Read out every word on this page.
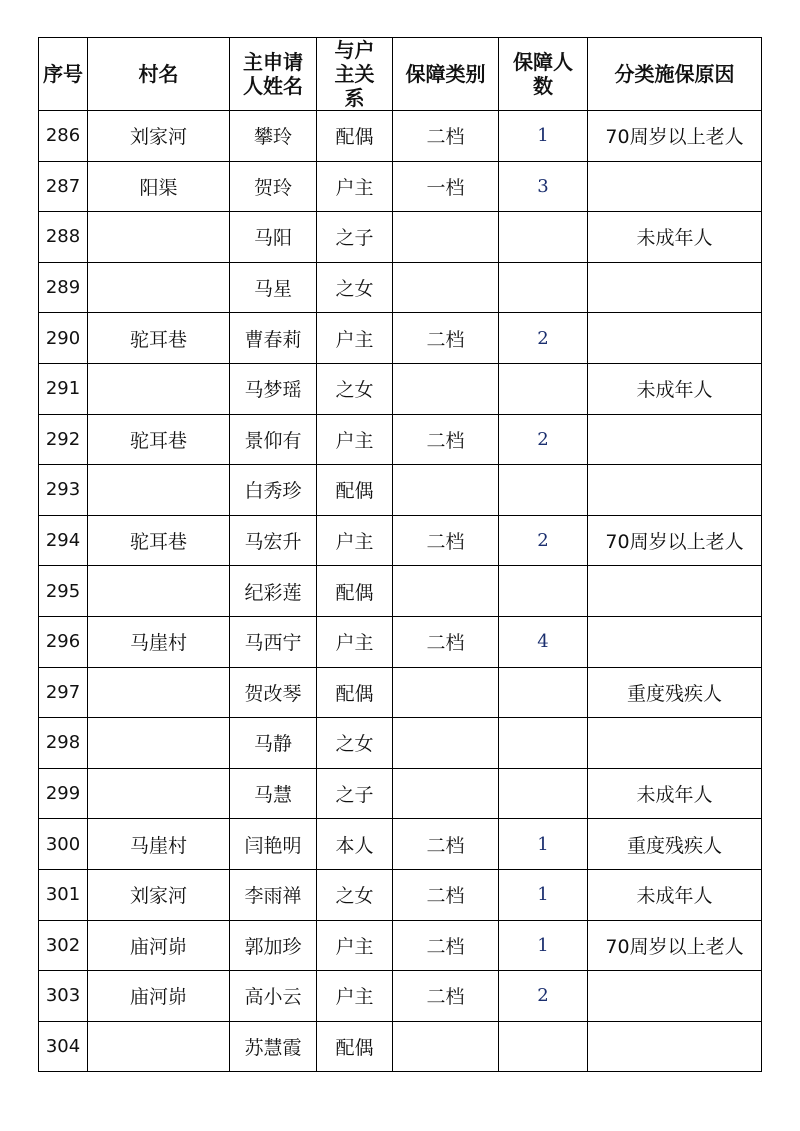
序号	村名	主申请人姓名	与户主关系	保障类别	保障人数	分类施保原因
286	刘家河	攀玲	配偶	二档	1	70周岁以上老人
287	阳渠	贺玲	户主	一档	3	
288		马阳	之子			未成年人
289		马星	之女			
290	驼耳巷	曹春莉	户主	二档	2	
291		马梦瑶	之女			未成年人
292	驼耳巷	景仰有	户主	二档	2	
293		白秀珍	配偶			
294	驼耳巷	马宏升	户主	二档	2	70周岁以上老人
295		纪彩莲	配偶			
296	马崖村	马西宁	户主	二档	4	
297		贺改琴	配偶			重度残疾人
298		马静	之女			
299		马慧	之子			未成年人
300	马崖村	闫艳明	本人	二档	1	重度残疾人
301	刘家河	李雨禅	之女	二档	1	未成年人
302	庙河峁	郭加珍	户主	二档	1	70周岁以上老人
303	庙河峁	高小云	户主	二档	2	
304		苏慧霞	配偶			
